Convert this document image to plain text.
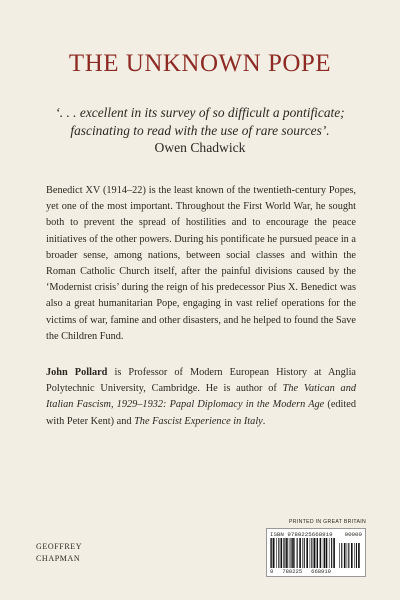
THE UNKNOWN POPE
‘. . . excellent in its survey of so difficult a pontificate;
fascinating to read with the use of rare sources’.
Owen Chadwick
Benedict XV (1914–22) is the least known of the twentieth-century Popes, yet one of the most important. Throughout the First World War, he sought both to prevent the spread of hostilities and to encourage the peace initiatives of the other powers. During his pontificate he pursued peace in a broader sense, among nations, between social classes and within the Roman Catholic Church itself, after the painful divisions caused by the ‘Modernist crisis’ during the reign of his predecessor Pius X. Benedict was also a great humanitarian Pope, engaging in vast relief operations for the victims of war, famine and other disasters, and he helped to found the Save the Children Fund.
John Pollard is Professor of Modern European History at Anglia Polytechnic University, Cambridge. He is author of The Vatican and Italian Fascism, 1929–1932: Papal Diplomacy in the Modern Age (edited with Peter Kent) and The Fascist Experience in Italy.
GEOFFREY
CHAPMAN
PRINTED IN GREAT BRITAIN
ISBN 9780225668919 90000
9 780225 668919
